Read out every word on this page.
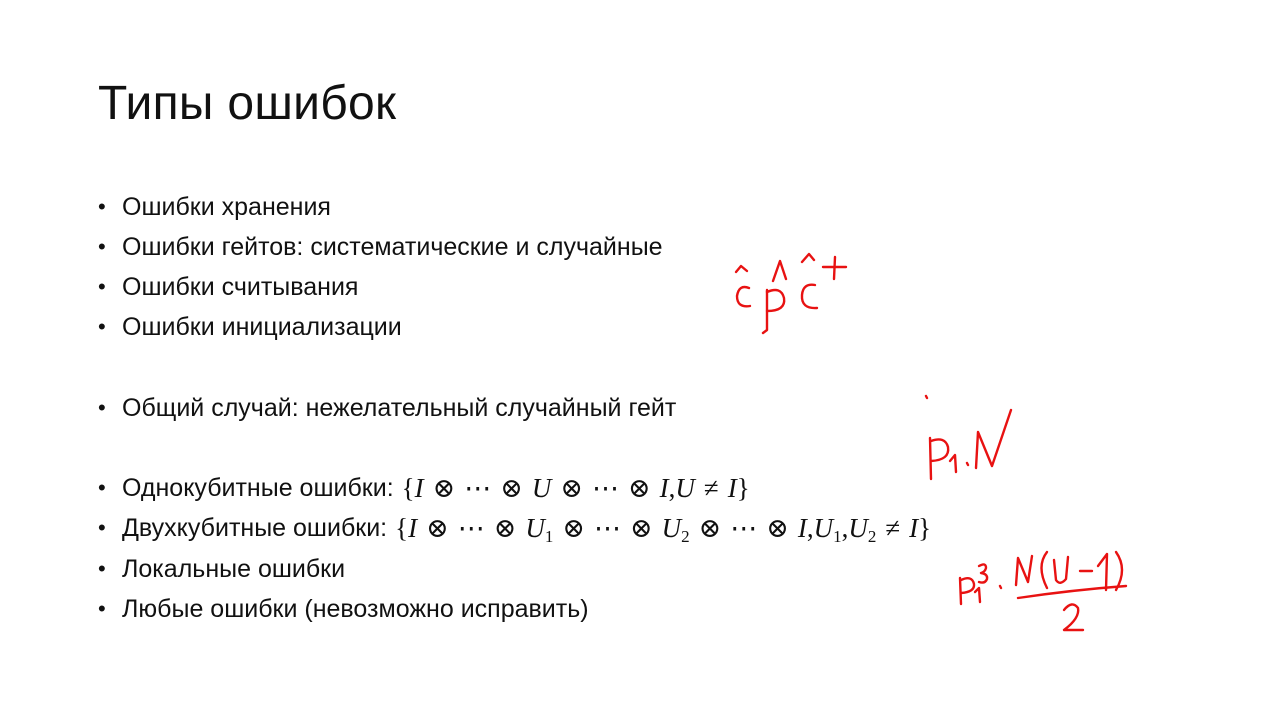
Типы ошибок
• Ошибки хранения
• Ошибки гейтов: систематические и случайные
• Ошибки считывания
• Ошибки инициализации
• Общий случай: нежелательный случайный гейт
• Однокубитные ошибки: {I ⊗ ⋯ ⊗ U ⊗ ⋯ ⊗ I,U ≠ I}
• Двухкубитные ошибки: {I ⊗ ⋯ ⊗ $U_1$ ⊗ ⋯ ⊗ $U_2$ ⊗ ⋯ ⊗ $I,U_1,U_2 \ne I$}
• Локальные ошибки
• Любые ошибки (невозможно исправить)
